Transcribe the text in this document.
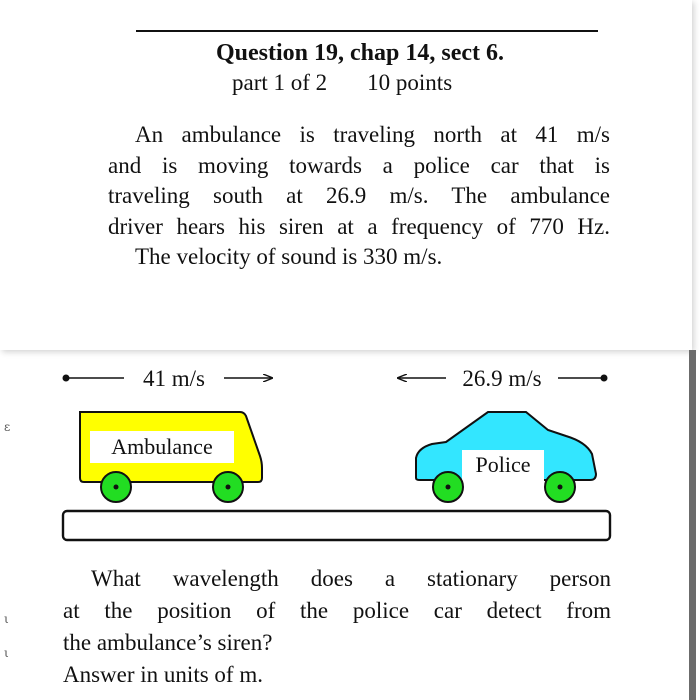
Question 19, chap 14, sect 6.
part 1 of 2 10 points
An ambulance is traveling north at 41 m/s
and is moving towards a police car that is
traveling south at 26.9 m/s. The ambulance
driver hears his siren at a frequency of 770 Hz.
The velocity of sound is 330 m/s.
ɛ
ι
ι
41 m/s	26.9 m/s
Ambulance
Police
What wavelength does a stationary person
at the position of the police car detect from
the ambulance’s siren?
Answer in units of m.
